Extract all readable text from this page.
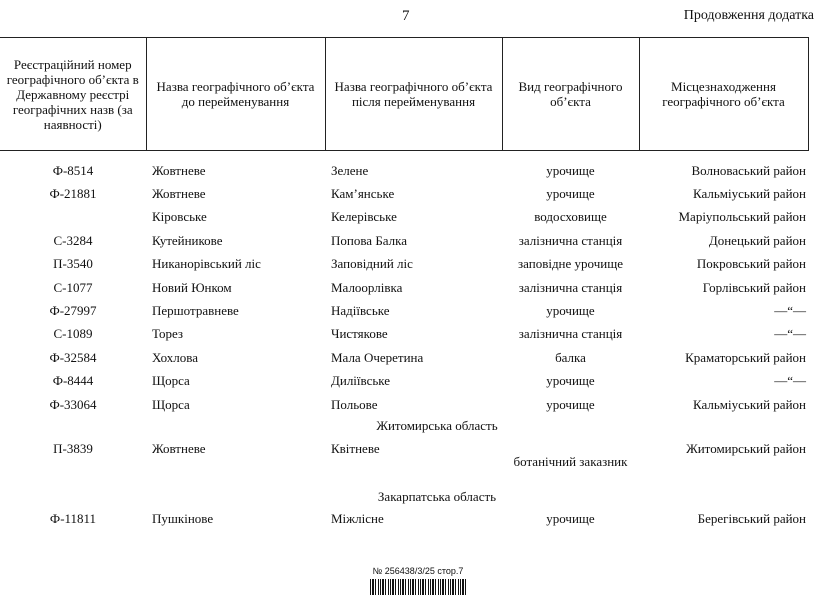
7	Продовження додатка
Реєстраційний номер географічного об’єкта в Державному реєстрі географічних назв (за наявності)	Назва географічного об’єкта до перейменування	Назва географічного об’єкта після перейменування	Вид географічного об’єкта	Місцезнаходження географічного об’єкта

Ф-8514	Жовтневе	Зелене	урочище	Волноваський район
Ф-21881	Жовтневе	Кам’янське	урочище	Кальміуський район
	Кіровське	Келерівське	водосховище	Маріупольський район
С-3284	Кутейникове	Попова Балка	залізнична станція	Донецький район
П-3540	Никанорівський ліс	Заповідний ліс	заповідне урочище	Покровський район
С-1077	Новий Юнком	Малоорлівка	залізнична станція	Горлівський район
Ф-27997	Першотравневе	Надіївське	урочище	—“—
С-1089	Торез	Чистякове	залізнична станція	—“—
Ф-32584	Хохлова	Мала Очеретина	балка	Краматорський район
Ф-8444	Щорса	Диліївське	урочище	—“—
Ф-33064	Щорса	Польове	урочище	Кальміуський район
Житомирська область				
П-3839	Жовтневе	Квітневе	ботанічний заказник	Житомирський район
Закарпатська область				
Ф-11811	Пушкінове	Міжлісне	урочище	Берегівський район
№ 256438/3/25 стор.7
